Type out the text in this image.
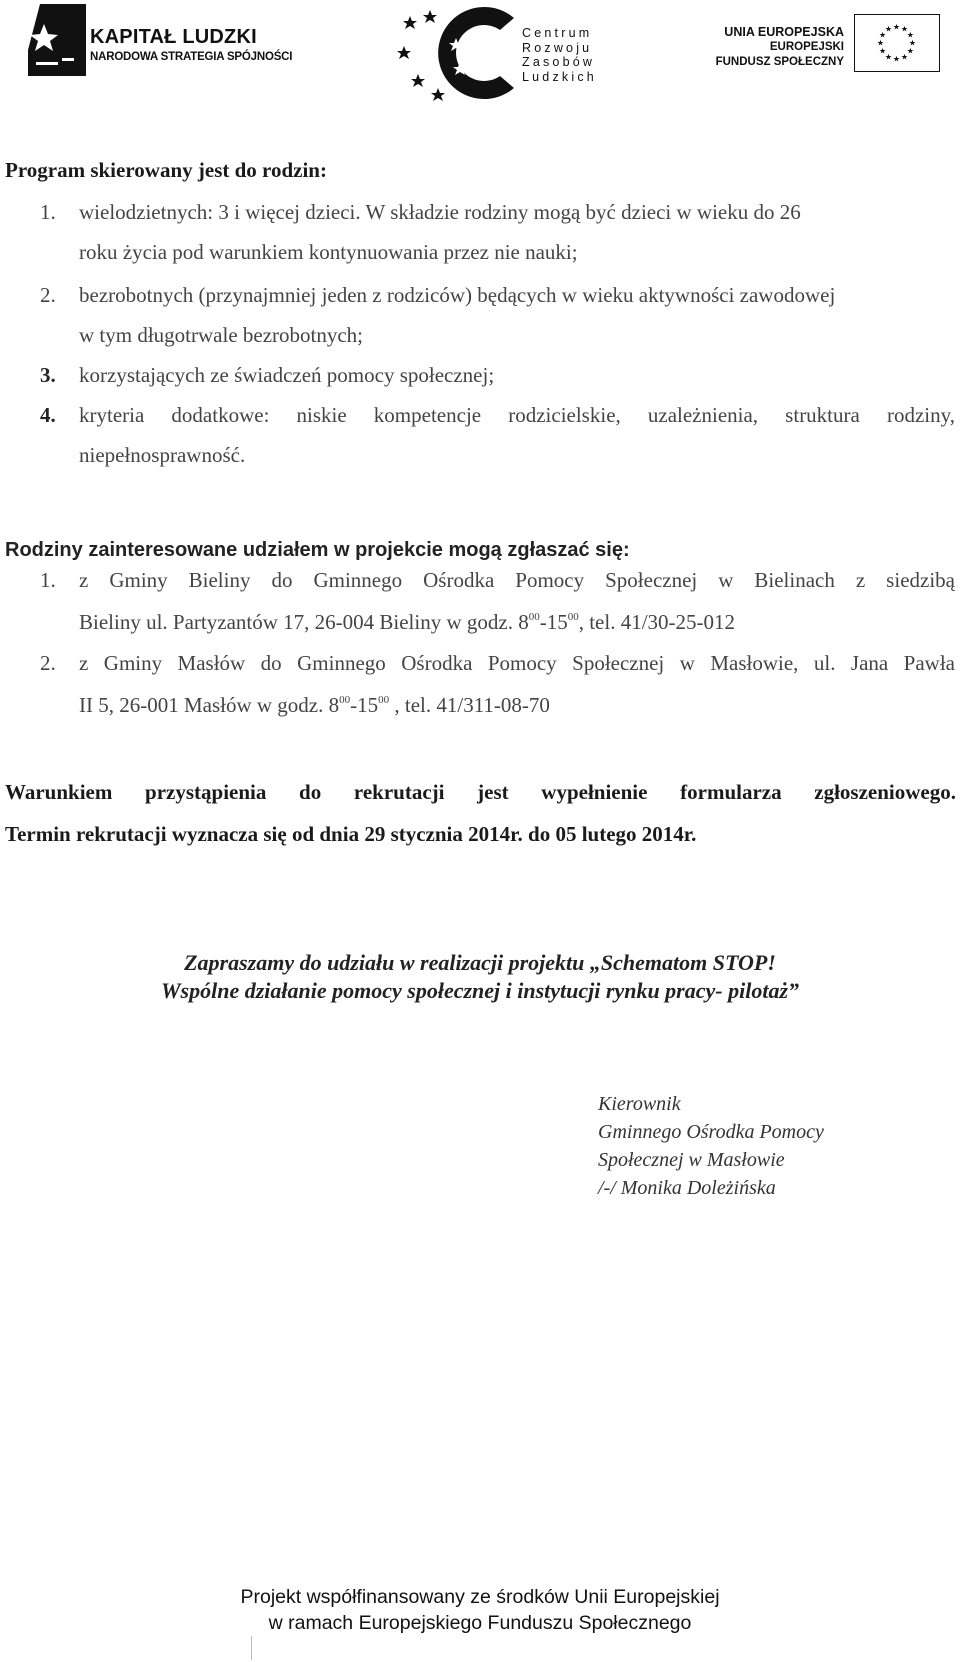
KAPITAŁ LUDZKI
NARODOWA STRATEGIA SPÓJNOŚCI
Centrum
Rozwoju
Zasobów
Ludzkich
UNIA EUROPEJSKA
EUROPEJSKI
FUNDUSZ SPOŁECZNY
★ ★
★
★
★
★
★
★
★
★
★
★
Program skierowany jest do rodzin:
1. wielodzietnych: 3 i więcej dzieci. W składzie rodziny mogą być dzieci w wieku do 26
roku życia pod warunkiem kontynuowania przez nie nauki;
2. bezrobotnych (przynajmniej jeden z rodziców) będących w wieku aktywności zawodowej
w tym długotrwale bezrobotnych;
3. korzystających ze świadczeń pomocy społecznej;
4. kryteria dodatkowe: niskie kompetencje rodzicielskie, uzależnienia, struktura rodziny,
niepełnosprawność.
Rodziny zainteresowane udziałem w projekcie mogą zgłaszać się:
1. z Gminy Bieliny do Gminnego Ośrodka Pomocy Społecznej w Bielinach z siedzibą
Bieliny ul. Partyzantów 17, 26-004 Bieliny w godz. $8^{00}-15^{00}$, tel. 41/30-25-012
2. z Gminy Masłów do Gminnego Ośrodka Pomocy Społecznej w Masłowie, ul. Jana Pawła
II 5, 26-001 Masłów w godz. $8^{00}-15^{00}$ , tel. 41/311-08-70
Warunkiem przystąpienia do rekrutacji jest wypełnienie formularza zgłoszeniowego.
Termin rekrutacji wyznacza się od dnia 29 stycznia 2014r. do 05 lutego 2014r.
Zapraszamy do udziału w realizacji projektu „Schematom STOP!
Wspólne działanie pomocy społecznej i instytucji rynku pracy- pilotaż”
Kierownik
Gminnego Ośrodka Pomocy
Społecznej w Masłowie
/-/ Monika Doleżińska
Projekt współfinansowany ze środków Unii Europejskiej
w ramach Europejskiego Funduszu Społecznego
